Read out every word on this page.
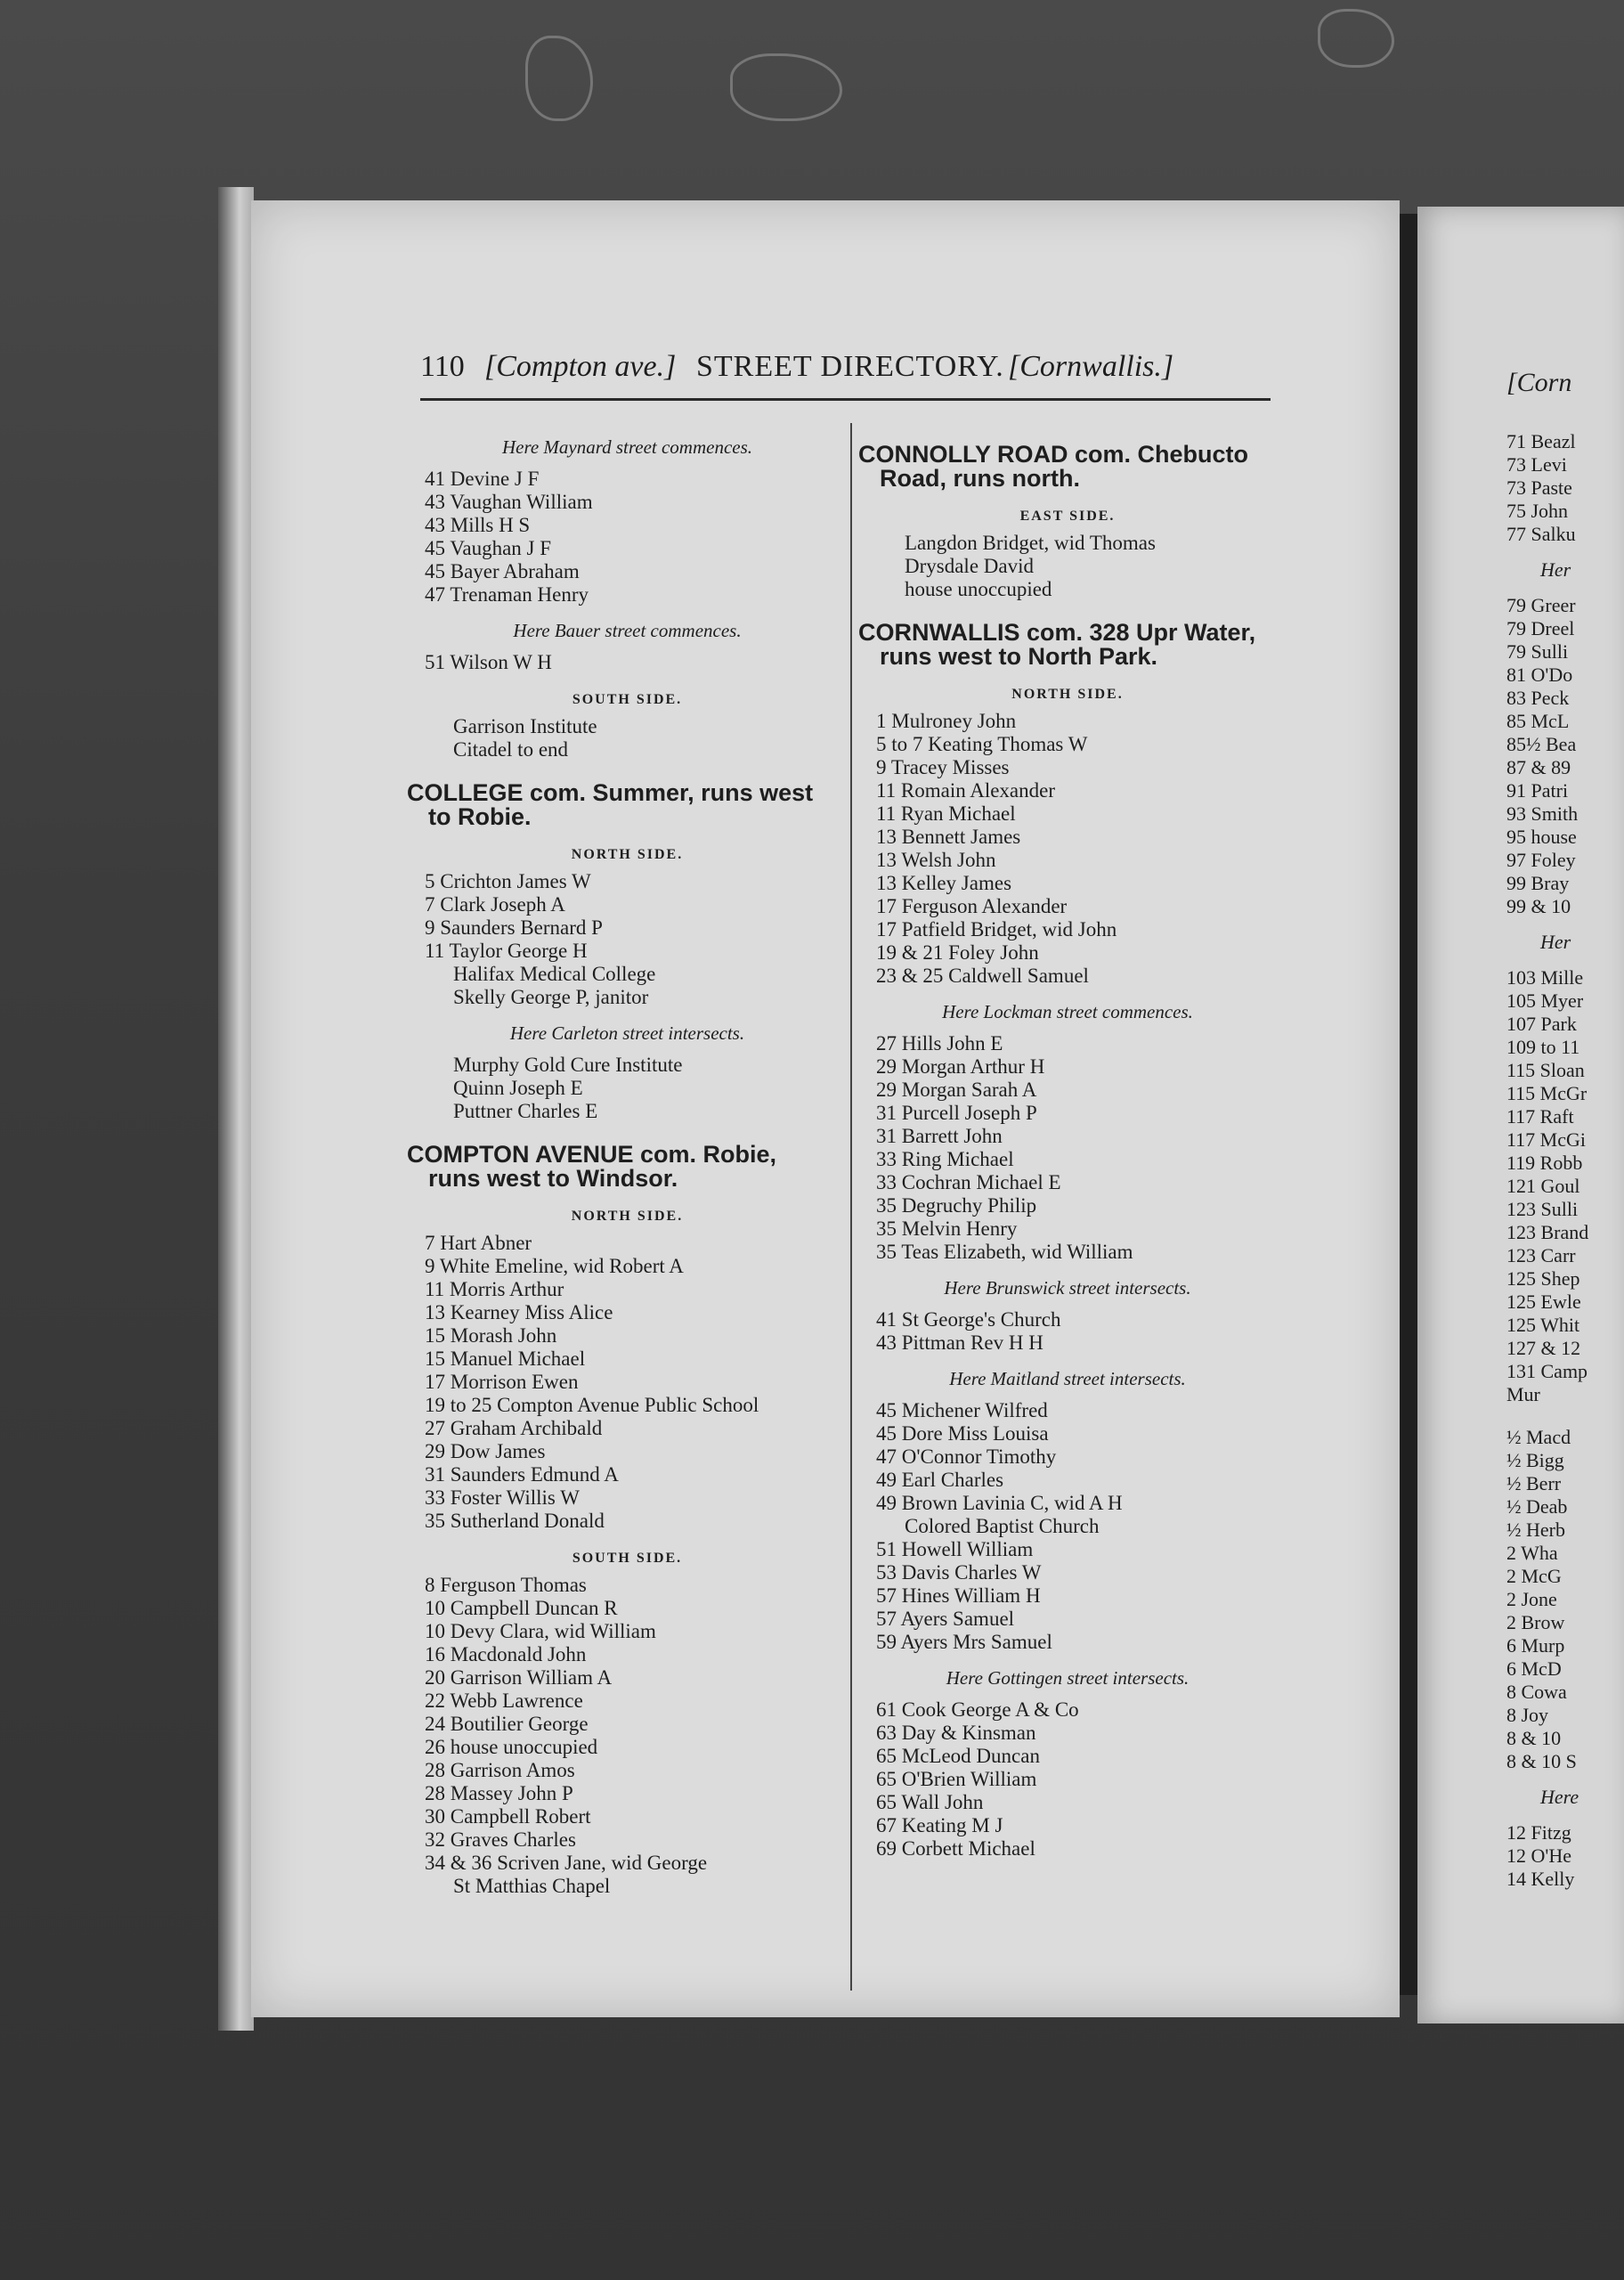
110 [Compton ave.] STREET DIRECTORY. [Cornwallis.]
Here Maynard street commences.
41 Devine J F
43 Vaughan William
43 Mills H S
45 Vaughan J F
45 Bayer Abraham
47 Trenaman Henry
Here Bauer street commences.
51 Wilson W H
SOUTH SIDE.
Garrison Institute
Citadel to end
COLLEGE com. Summer, runs west
to Robie.
NORTH SIDE.
5 Crichton James W
7 Clark Joseph A
9 Saunders Bernard P
11 Taylor George H
Halifax Medical College
Skelly George P, janitor
Here Carleton street intersects.
Murphy Gold Cure Institute
Quinn Joseph E
Puttner Charles E
COMPTON AVENUE com. Robie,
runs west to Windsor.
NORTH SIDE.
7 Hart Abner
9 White Emeline, wid Robert A
11 Morris Arthur
13 Kearney Miss Alice
15 Morash John
15 Manuel Michael
17 Morrison Ewen
19 to 25 Compton Avenue Public School
27 Graham Archibald
29 Dow James
31 Saunders Edmund A
33 Foster Willis W
35 Sutherland Donald
SOUTH SIDE.
8 Ferguson Thomas
10 Campbell Duncan R
10 Devy Clara, wid William
16 Macdonald John
20 Garrison William A
22 Webb Lawrence
24 Boutilier George
26 house unoccupied
28 Garrison Amos
28 Massey John P
30 Campbell Robert
32 Graves Charles
34 & 36 Scriven Jane, wid George
St Matthias Chapel
CONNOLLY ROAD com. Chebucto
Road, runs north.
EAST SIDE.
Langdon Bridget, wid Thomas
Drysdale David
house unoccupied
CORNWALLIS com. 328 Upr Water,
runs west to North Park.
NORTH SIDE.
1 Mulroney John
5 to 7 Keating Thomas W
9 Tracey Misses
11 Romain Alexander
11 Ryan Michael
13 Bennett James
13 Welsh John
13 Kelley James
17 Ferguson Alexander
17 Patfield Bridget, wid John
19 & 21 Foley John
23 & 25 Caldwell Samuel
Here Lockman street commences.
27 Hills John E
29 Morgan Arthur H
29 Morgan Sarah A
31 Purcell Joseph P
31 Barrett John
33 Ring Michael
33 Cochran Michael E
35 Degruchy Philip
35 Melvin Henry
35 Teas Elizabeth, wid William
Here Brunswick street intersects.
41 St George's Church
43 Pittman Rev H H
Here Maitland street intersects.
45 Michener Wilfred
45 Dore Miss Louisa
47 O'Connor Timothy
49 Earl Charles
49 Brown Lavinia C, wid A H
Colored Baptist Church
51 Howell William
53 Davis Charles W
57 Hines William H
57 Ayers Samuel
59 Ayers Mrs Samuel
Here Gottingen street intersects.
61 Cook George A & Co
63 Day & Kinsman
65 McLeod Duncan
65 O'Brien William
65 Wall John
67 Keating M J
69 Corbett Michael
[Corn
71 Beazl
73 Levi
73 Paste
75 John
77 Salku
Her
79 Greer
79 Dreel
79 Sulli
81 O'Do
83 Peck
85 McL
85½ Bea
87 & 89
91 Patri
93 Smith
95 house
97 Foley
99 Bray
99 & 10
Her
103 Mille
105 Myer
107 Park
109 to 11
115 Sloan
115 McGr
117 Raft
117 McGi
119 Robb
121 Goul
123 Sulli
123 Brand
123 Carr
125 Shep
125 Ewle
125 Whit
127 & 12
131 Camp
Mur
½ Macd
½ Bigg
½ Berr
½ Deab
½ Herb
2 Wha
2 McG
2 Jone
2 Brow
6 Murp
6 McD
8 Cowa
8 Joy
8 & 10
8 & 10 S
Here
12 Fitzg
12 O'He
14 Kelly
